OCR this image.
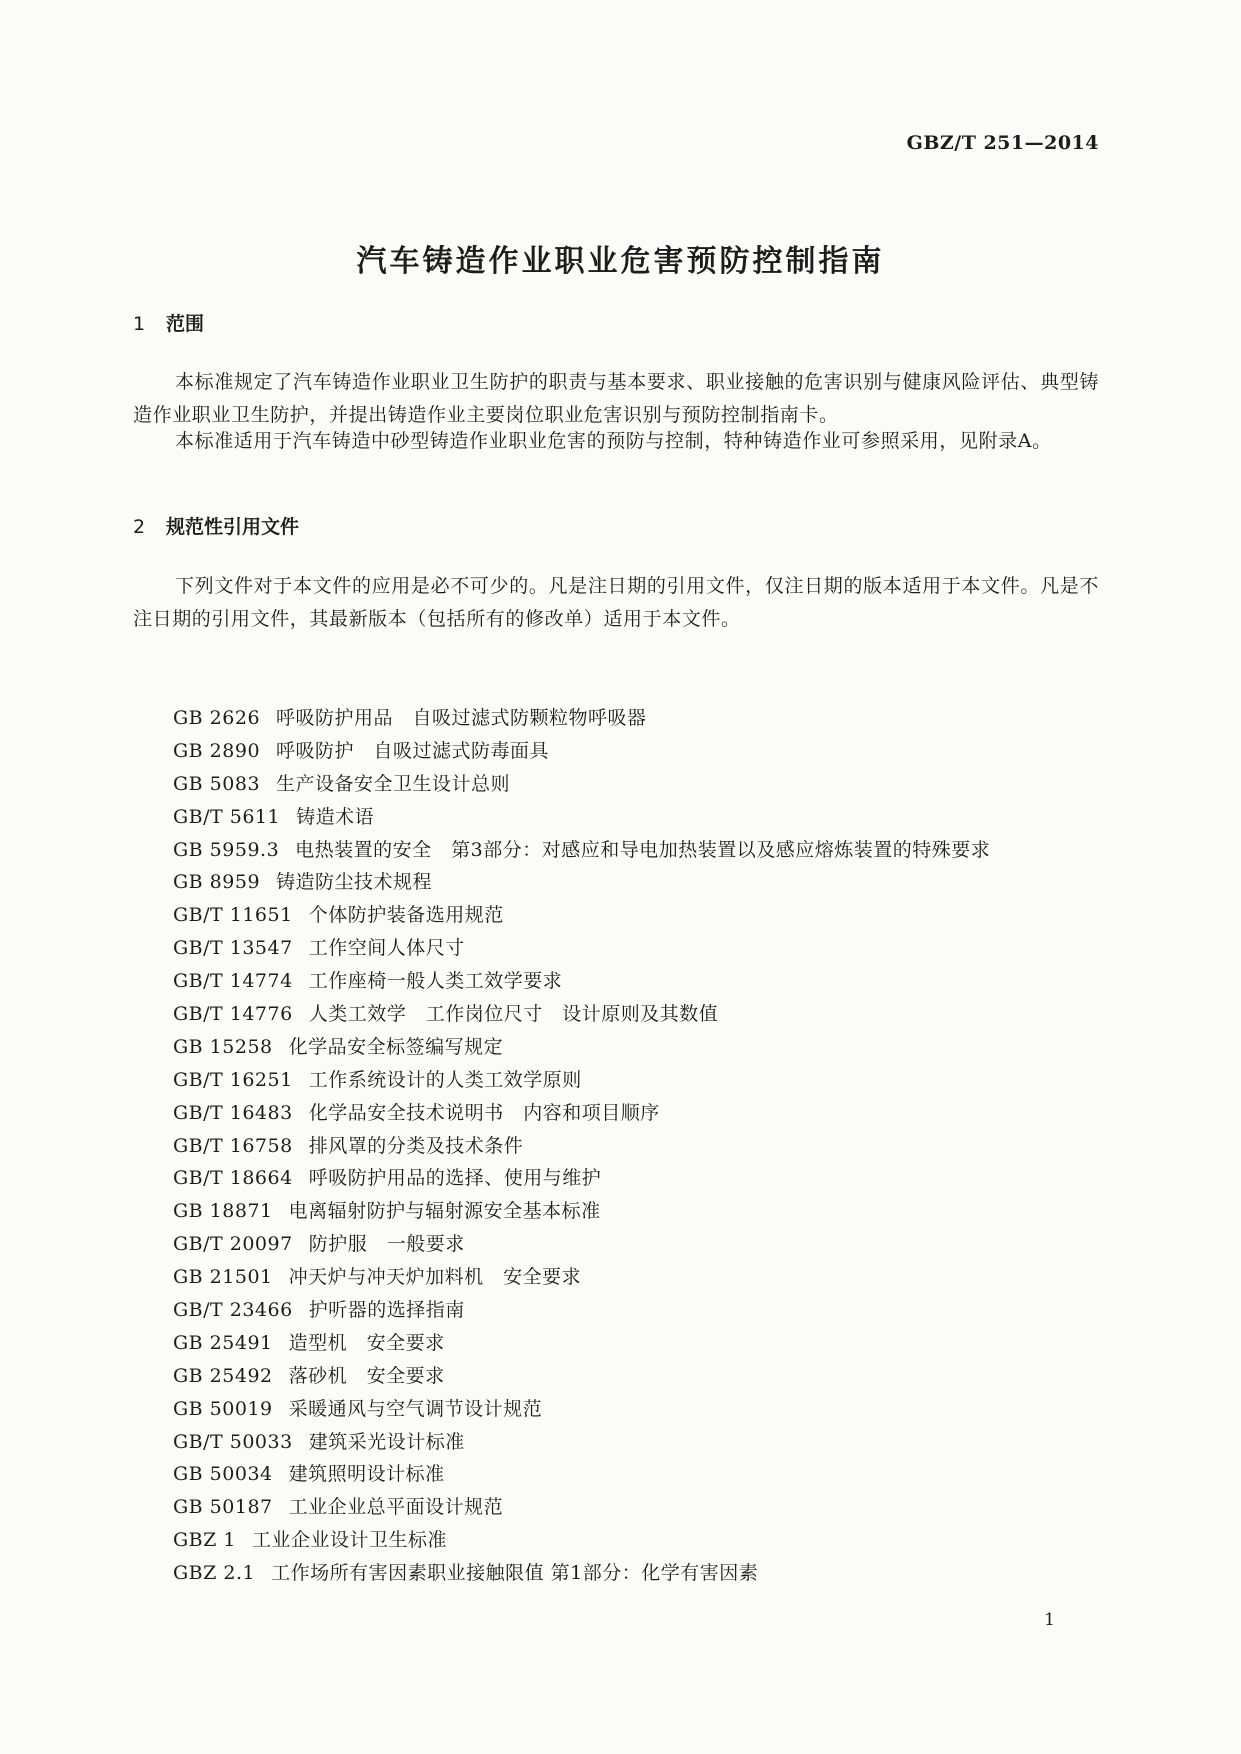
GBZ/T 251—2014
汽车铸造作业职业危害预防控制指南
1 范围
本标准规定了汽车铸造作业职业卫生防护的职责与基本要求、职业接触的危害识别与健康风险评估、典型铸造作业职业卫生防护，并提出铸造作业主要岗位职业危害识别与预防控制指南卡。
本标准适用于汽车铸造中砂型铸造作业职业危害的预防与控制，特种铸造作业可参照采用，见附录A。
2 规范性引用文件
下列文件对于本文件的应用是必不可少的。凡是注日期的引用文件，仅注日期的版本适用于本文件。凡是不注日期的引用文件，其最新版本（包括所有的修改单）适用于本文件。
GB 2626 呼吸防护用品　自吸过滤式防颗粒物呼吸器
GB 2890 呼吸防护　自吸过滤式防毒面具
GB 5083 生产设备安全卫生设计总则
GB/T 5611 铸造术语
GB 5959.3 电热装置的安全　第3部分：对感应和导电加热装置以及感应熔炼装置的特殊要求
GB 8959 铸造防尘技术规程
GB/T 11651 个体防护装备选用规范
GB/T 13547 工作空间人体尺寸
GB/T 14774 工作座椅一般人类工效学要求
GB/T 14776 人类工效学　工作岗位尺寸　设计原则及其数值
GB 15258 化学品安全标签编写规定
GB/T 16251 工作系统设计的人类工效学原则
GB/T 16483 化学品安全技术说明书　内容和项目顺序
GB/T 16758 排风罩的分类及技术条件
GB/T 18664 呼吸防护用品的选择、使用与维护
GB 18871 电离辐射防护与辐射源安全基本标准
GB/T 20097 防护服　一般要求
GB 21501 冲天炉与冲天炉加料机　安全要求
GB/T 23466 护听器的选择指南
GB 25491 造型机　安全要求
GB 25492 落砂机　安全要求
GB 50019 采暖通风与空气调节设计规范
GB/T 50033 建筑采光设计标准
GB 50034 建筑照明设计标准
GB 50187 工业企业总平面设计规范
GBZ 1 工业企业设计卫生标准
GBZ 2.1 工作场所有害因素职业接触限值 第1部分：化学有害因素
1
